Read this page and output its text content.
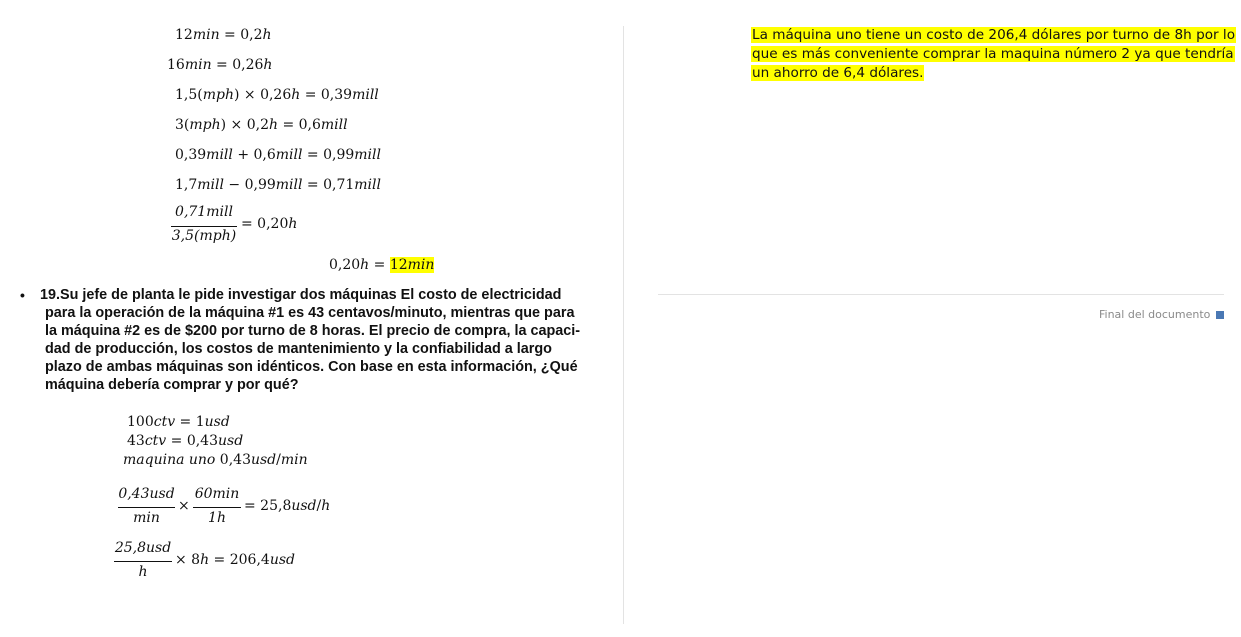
12𝑚𝑖𝑛 = 0,2ℎ
16𝑚𝑖𝑛 = 0,26ℎ
1,5(𝑚𝑝ℎ) × 0,26ℎ = 0,39𝑚𝑖𝑙𝑙
3(𝑚𝑝ℎ) × 0,2ℎ = 0,6𝑚𝑖𝑙𝑙
0,39𝑚𝑖𝑙𝑙 + 0,6𝑚𝑖𝑙𝑙 = 0,99𝑚𝑖𝑙𝑙
1,7𝑚𝑖𝑙𝑙 − 0,99𝑚𝑖𝑙𝑙 = 0,71𝑚𝑖𝑙𝑙
0,71𝑚𝑖𝑙𝑙
3,5(𝑚𝑝ℎ)
= 0,20ℎ
0,20ℎ = 12𝑚𝑖𝑛
• 19.Su jefe de planta le pide investigar dos máquinas El costo de electricidad
para la operación de la máquina #1 es 43 centavos/minuto, mientras que para
la máquina #2 es de $200 por turno de 8 horas. El precio de compra, la capaci-
dad de producción, los costos de mantenimiento y la confiabilidad a largo
plazo de ambas máquinas son idénticos. Con base en esta información, ¿Qué
máquina debería comprar y por qué?
100𝑐𝑡𝑣 = 1𝑢𝑠𝑑
43𝑐𝑡𝑣 = 0,43𝑢𝑠𝑑
𝑚𝑎𝑞𝑢𝑖𝑛𝑎 𝑢𝑛𝑜 0,43𝑢𝑠𝑑/𝑚𝑖𝑛
0,43𝑢𝑠𝑑
𝑚𝑖𝑛
×
60𝑚𝑖𝑛
1ℎ
= 25,8𝑢𝑠𝑑/ℎ
25,8𝑢𝑠𝑑
ℎ
× 8ℎ = 206,4𝑢𝑠𝑑
La máquina uno tiene un costo de 206,4 dólares por turno de 8h por lo
que es más conveniente comprar la maquina número 2 ya que tendría
un ahorro de 6,4 dólares.
Final del documento
